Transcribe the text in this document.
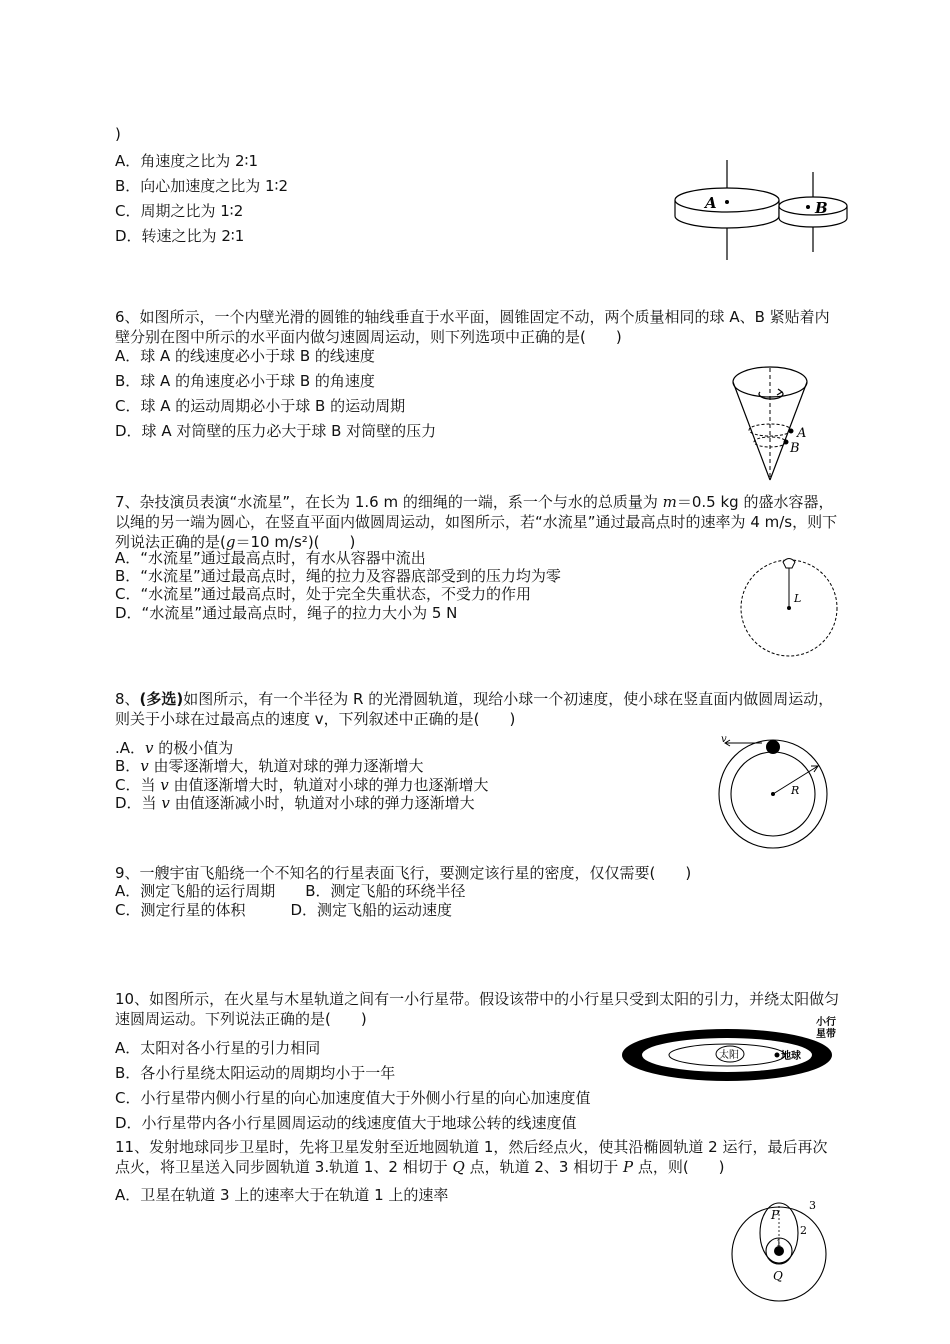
)
A．角速度之比为 2∶1
B．向心加速度之比为 1∶2
C．周期之比为 1∶2
D．转速之比为 2∶1
A	B
6、如图所示，一个内壁光滑的圆锥的轴线垂直于水平面，圆锥固定不动，两个质量相同的球 A、B 紧贴着内壁分别在图中所示的水平面内做匀速圆周运动，则下列选项中正确的是(　　)
A．球 A 的线速度必小于球 B 的线速度
B．球 A 的角速度必小于球 B 的角速度
C．球 A 的运动周期必小于球 B 的运动周期
D．球 A 对筒壁的压力必大于球 B 对筒壁的压力	A
B
7、杂技演员表演“水流星”，在长为 1.6 m 的细绳的一端，系一个与水的总质量为 m＝0.5 kg 的盛水容器，以绳的另一端为圆心，在竖直平面内做圆周运动，如图所示，若“水流星”通过最高点时的速率为 4 m/s，则下列说法正确的是(g＝10 m/s²)(　　)
A．“水流星”通过最高点时，有水从容器中流出
B．“水流星”通过最高点时，绳的拉力及容器底部受到的压力均为零
C．“水流星”通过最高点时，处于完全失重状态，不受力的作用
D．“水流星”通过最高点时，绳子的拉力大小为 5 N
L
8、(多选)如图所示，有一个半径为 R 的光滑圆轨道，现给小球一个初速度，使小球在竖直面内做圆周运动，则关于小球在过最高点的速度 v，下列叙述中正确的是(　　)
.A．v 的极小值为
B．v 由零逐渐增大，轨道对球的弹力逐渐增大
C．当 v 由值逐渐增大时，轨道对小球的弹力也逐渐增大
D．当 v 由值逐渐减小时，轨道对小球的弹力逐渐增大
v
R
9、一艘宇宙飞船绕一个不知名的行星表面飞行，要测定该行星的密度，仅仅需要(　　)
A．测定飞船的运行周期　　B．测定飞船的环绕半径
C．测定行星的体积　　　D．测定飞船的运动速度
10、如图所示，在火星与木星轨道之间有一小行星带。假设该带中的小行星只受到太阳的引力，并绕太阳做匀速圆周运动。下列说法正确的是(　　)
A．太阳对各小行星的引力相同
B．各小行星绕太阳运动的周期均小于一年
C．小行星带内侧小行星的向心加速度值大于外侧小行星的向心加速度值
D．小行星带内各小行星圆周运动的线速度值大于地球公转的线速度值
太阳	地球
小行
星带
11、发射地球同步卫星时，先将卫星发射至近地圆轨道 1，然后经点火，使其沿椭圆轨道 2 运行，最后再次点火，将卫星送入同步圆轨道 3.轨道 1、2 相切于 Q 点，轨道 2、3 相切于 P 点，则(　　)
A．卫星在轨道 3 上的速率大于在轨道 1 上的速率
P
Q
1
2
3
